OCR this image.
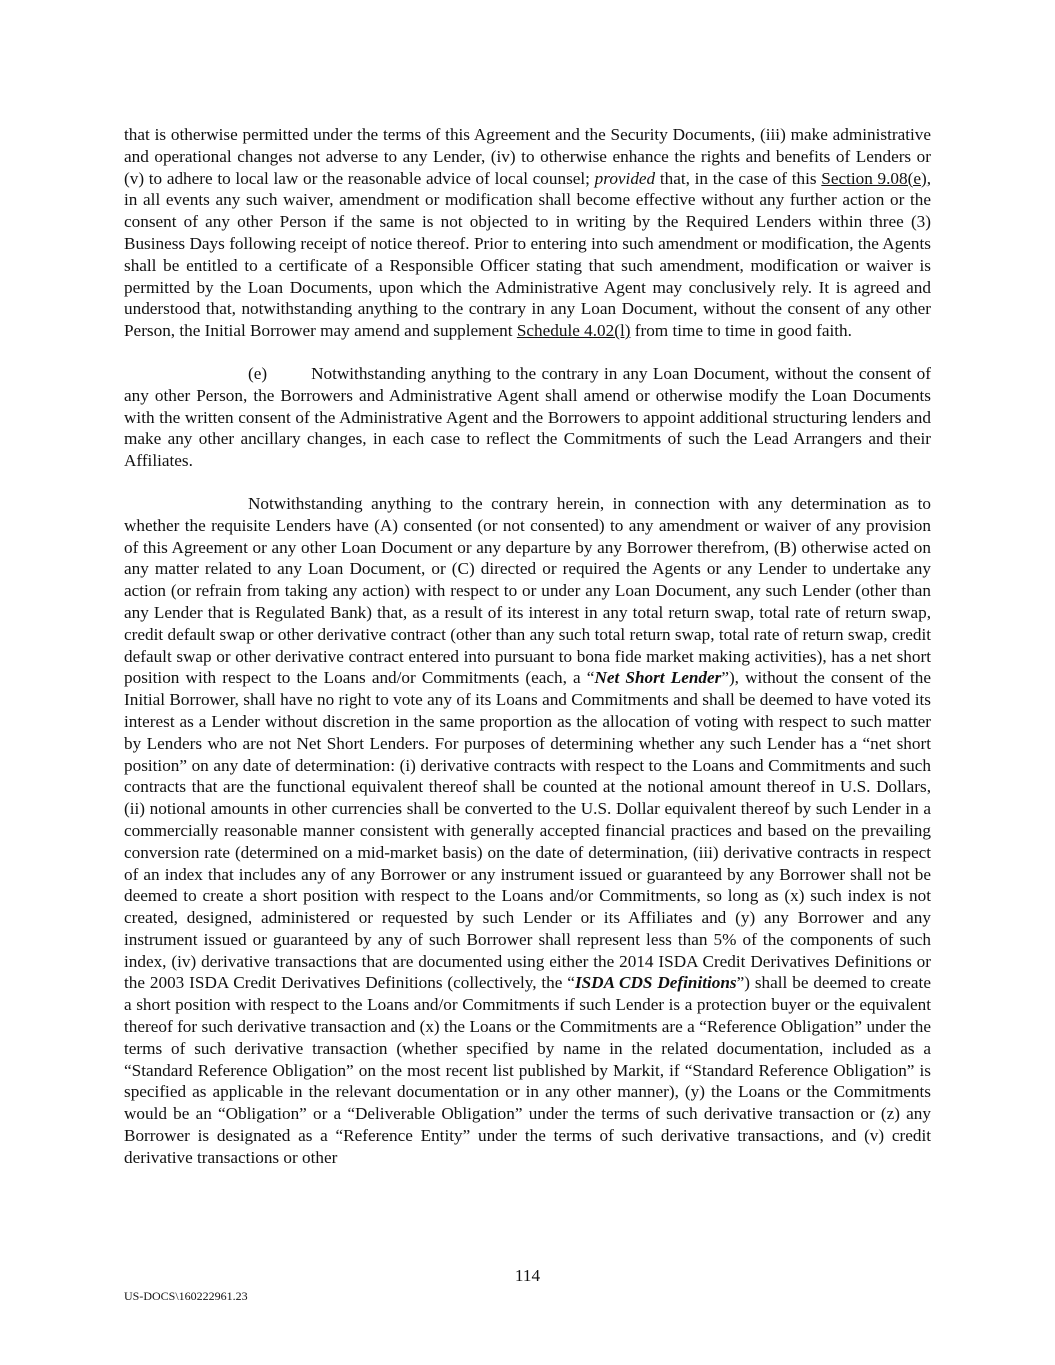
that is otherwise permitted under the terms of this Agreement and the Security Documents, (iii) make administrative and operational changes not adverse to any Lender, (iv) to otherwise enhance the rights and benefits of Lenders or (v) to adhere to local law or the reasonable advice of local counsel; provided that, in the case of this Section 9.08(e), in all events any such waiver, amendment or modification shall become effective without any further action or the consent of any other Person if the same is not objected to in writing by the Required Lenders within three (3) Business Days following receipt of notice thereof. Prior to entering into such amendment or modification, the Agents shall be entitled to a certificate of a Responsible Officer stating that such amendment, modification or waiver is permitted by the Loan Documents, upon which the Administrative Agent may conclusively rely. It is agreed and understood that, notwithstanding anything to the contrary in any Loan Document, without the consent of any other Person, the Initial Borrower may amend and supplement Schedule 4.02(l) from time to time in good faith.

(e)	Notwithstanding anything to the contrary in any Loan Document, without the consent of any other Person, the Borrowers and Administrative Agent shall amend or otherwise modify the Loan Documents with the written consent of the Administrative Agent and the Borrowers to appoint additional structuring lenders and make any other ancillary changes, in each case to reflect the Commitments of such the Lead Arrangers and their Affiliates.

Notwithstanding anything to the contrary herein, in connection with any determination as to whether the requisite Lenders have (A) consented (or not consented) to any amendment or waiver of any provision of this Agreement or any other Loan Document or any departure by any Borrower therefrom, (B) otherwise acted on any matter related to any Loan Document, or (C) directed or required the Agents or any Lender to undertake any action (or refrain from taking any action) with respect to or under any Loan Document, any such Lender (other than any Lender that is Regulated Bank) that, as a result of its interest in any total return swap, total rate of return swap, credit default swap or other derivative contract (other than any such total return swap, total rate of return swap, credit default swap or other derivative contract entered into pursuant to bona fide market making activities), has a net short position with respect to the Loans and/or Commitments (each, a “Net Short Lender”), without the consent of the Initial Borrower, shall have no right to vote any of its Loans and Commitments and shall be deemed to have voted its interest as a Lender without discretion in the same proportion as the allocation of voting with respect to such matter by Lenders who are not Net Short Lenders. For purposes of determining whether any such Lender has a “net short position” on any date of determination: (i) derivative contracts with respect to the Loans and Commitments and such contracts that are the functional equivalent thereof shall be counted at the notional amount thereof in U.S. Dollars, (ii) notional amounts in other currencies shall be converted to the U.S. Dollar equivalent thereof by such Lender in a commercially reasonable manner consistent with generally accepted financial practices and based on the prevailing conversion rate (determined on a mid-market basis) on the date of determination, (iii) derivative contracts in respect of an index that includes any of any Borrower or any instrument issued or guaranteed by any Borrower shall not be deemed to create a short position with respect to the Loans and/or Commitments, so long as (x) such index is not created, designed, administered or requested by such Lender or its Affiliates and (y) any Borrower and any instrument issued or guaranteed by any of such Borrower shall represent less than 5% of the components of such index, (iv) derivative transactions that are documented using either the 2014 ISDA Credit Derivatives Definitions or the 2003 ISDA Credit Derivatives Definitions (collectively, the “ISDA CDS Definitions”) shall be deemed to create a short position with respect to the Loans and/or Commitments if such Lender is a protection buyer or the equivalent thereof for such derivative transaction and (x) the Loans or the Commitments are a “Reference Obligation” under the terms of such derivative transaction (whether specified by name in the related documentation, included as a “Standard Reference Obligation” on the most recent list published by Markit, if “Standard Reference Obligation” is specified as applicable in the relevant documentation or in any other manner), (y) the Loans or the Commitments would be an “Obligation” or a “Deliverable Obligation” under the terms of such derivative transaction or (z) any Borrower is designated as a “Reference Entity” under the terms of such derivative transactions, and (v) credit derivative transactions or other

114
US-DOCS\160222961.23
